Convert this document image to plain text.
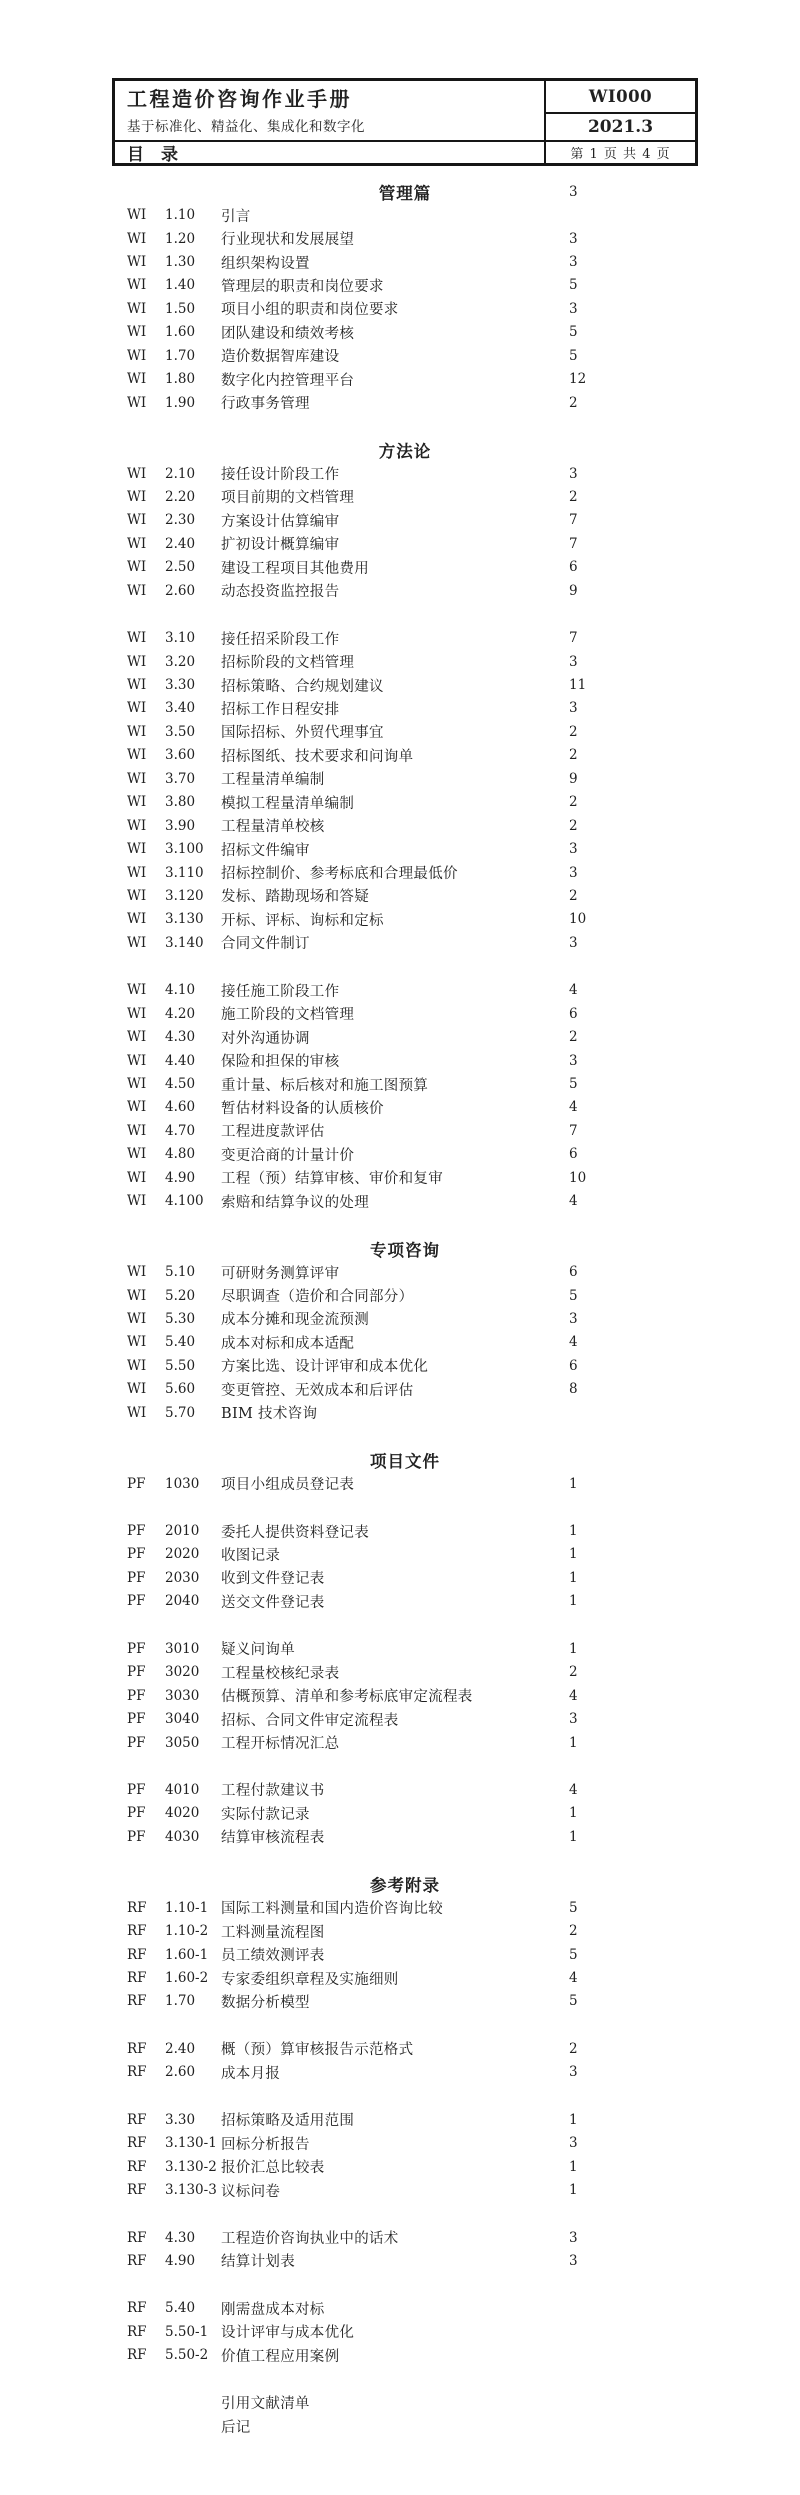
工程造价咨询作业手册
基于标准化、精益化、集成化和数字化
WI000
2021.3
目　录	第 1 页 共 4 页
管理篇	3
WI	1.10	引言
WI	1.20	行业现状和发展展望	3
WI	1.30	组织架构设置	3
WI	1.40	管理层的职责和岗位要求	5
WI	1.50	项目小组的职责和岗位要求	3
WI	1.60	团队建设和绩效考核	5
WI	1.70	造价数据智库建设	5
WI	1.80	数字化内控管理平台	12
WI	1.90	行政事务管理	2
方法论
WI	2.10	接任设计阶段工作	3
WI	2.20	项目前期的文档管理	2
WI	2.30	方案设计估算编审	7
WI	2.40	扩初设计概算编审	7
WI	2.50	建设工程项目其他费用	6
WI	2.60	动态投资监控报告	9
WI	3.10	接任招采阶段工作	7
WI	3.20	招标阶段的文档管理	3
WI	3.30	招标策略、合约规划建议	11
WI	3.40	招标工作日程安排	3
WI	3.50	国际招标、外贸代理事宜	2
WI	3.60	招标图纸、技术要求和问询单	2
WI	3.70	工程量清单编制	9
WI	3.80	模拟工程量清单编制	2
WI	3.90	工程量清单校核	2
WI	3.100	招标文件编审	3
WI	3.110	招标控制价、参考标底和合理最低价	3
WI	3.120	发标、踏勘现场和答疑	2
WI	3.130	开标、评标、询标和定标	10
WI	3.140	合同文件制订	3
WI	4.10	接任施工阶段工作	4
WI	4.20	施工阶段的文档管理	6
WI	4.30	对外沟通协调	2
WI	4.40	保险和担保的审核	3
WI	4.50	重计量、标后核对和施工图预算	5
WI	4.60	暂估材料设备的认质核价	4
WI	4.70	工程进度款评估	7
WI	4.80	变更洽商的计量计价	6
WI	4.90	工程（预）结算审核、审价和复审	10
WI	4.100	索赔和结算争议的处理	4
专项咨询
WI	5.10	可研财务测算评审	6
WI	5.20	尽职调查（造价和合同部分）	5
WI	5.30	成本分摊和现金流预测	3
WI	5.40	成本对标和成本适配	4
WI	5.50	方案比选、设计评审和成本优化	6
WI	5.60	变更管控、无效成本和后评估	8
WI	5.70	BIM 技术咨询
项目文件
PF	1030	项目小组成员登记表	1
PF	2010	委托人提供资料登记表	1
PF	2020	收图记录	1
PF	2030	收到文件登记表	1
PF	2040	送交文件登记表	1
PF	3010	疑义问询单	1
PF	3020	工程量校核纪录表	2
PF	3030	估概预算、清单和参考标底审定流程表	4
PF	3040	招标、合同文件审定流程表	3
PF	3050	工程开标情况汇总	1
PF	4010	工程付款建议书	4
PF	4020	实际付款记录	1
PF	4030	结算审核流程表	1
参考附录
RF	1.10-1 国际工料测量和国内造价咨询比较	5
RF	1.10-2 工料测量流程图	2
RF	1.60-1 员工绩效测评表	5
RF	1.60-2 专家委组织章程及实施细则	4
RF	1.70	数据分析模型	5
RF	2.40	概（预）算审核报告示范格式	2
RF	2.60	成本月报	3
RF	3.30	招标策略及适用范围	1
RF	3.130-1 回标分析报告	3
RF	3.130-2 报价汇总比较表	1
RF	3.130-3 议标问卷	1
RF	4.30	工程造价咨询执业中的话术	3
RF	4.90	结算计划表	3
RF	5.40	刚需盘成本对标
RF	5.50-1 设计评审与成本优化
RF	5.50-2 价值工程应用案例
引用文献清单
后记
